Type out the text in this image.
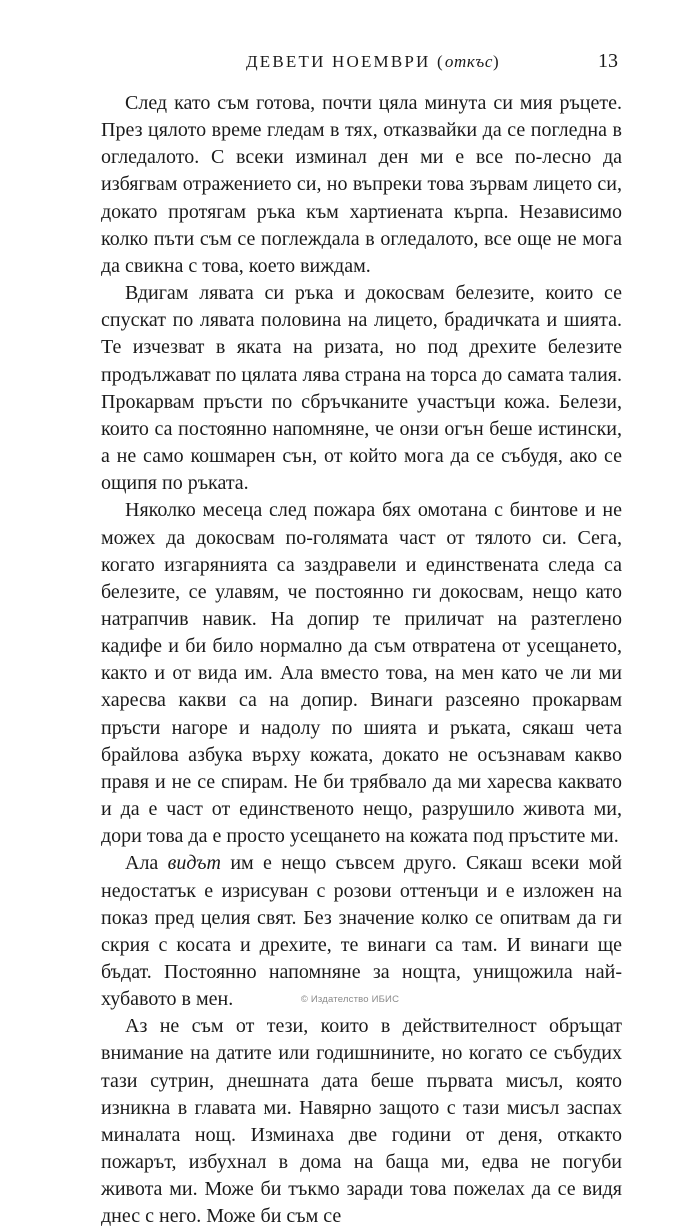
ДЕВЕТИ НОЕМВРИ (откъс)	13

След като съм готова, почти цяла минута си мия ръцете. През цялото време гледам в тях, отказвайки да се погледна в огледалото. С всеки изминал ден ми е все по-лесно да избягвам отражението си, но въпреки това зървам лицето си, докато протягам ръка към хартиената кърпа. Независимо колко пъти съм се поглеждала в огледалото, все още не мога да свикна с това, което виждам.

Вдигам лявата си ръка и докосвам белезите, които се спускат по лявата половина на лицето, брадичката и шията. Те изчезват в яката на ризата, но под дрехите белезите продължават по цялата лява страна на торса до самата талия. Прокарвам пръсти по сбръчканите участъци кожа. Белези, които са постоянно напомняне, че онзи огън беше истински, а не само кошмарен сън, от който мога да се събудя, ако се ощипя по ръката.

Няколко месеца след пожара бях омотана с бинтове и не можех да докосвам по-голямата част от тялото си. Сега, когато изгарянията са заздравели и единствената следа са белезите, се улавям, че постоянно ги докосвам, нещо като натрапчив навик. На допир те приличат на разтеглено кадифе и би било нормално да съм отвратена от усещането, както и от вида им. Ала вместо това, на мен като че ли ми харесва какви са на допир. Винаги разсеяно прокарвам пръсти нагоре и надолу по шията и ръката, сякаш чета брайлова азбука върху кожата, докато не осъзнавам какво правя и не се спирам. Не би трябвало да ми харесва каквато и да е част от единственото нещо, разрушило живота ми, дори това да е просто усещането на кожата под пръстите ми.

Ала видът им е нещо съвсем друго. Сякаш всеки мой недостатък е изрисуван с розови оттенъци и е изложен на показ пред целия свят. Без значение колко се опитвам да ги скрия с косата и дрехите, те винаги са там. И винаги ще бъдат. Постоянно напомняне за нощта, унищожила най-хубавото в мен.

Аз не съм от тези, които в действителност обръщат внимание на датите или годишнините, но когато се събудих тази сутрин, днешната дата беше първата мисъл, която изникна в главата ми. Навярно защото с тази мисъл заспах миналата нощ. Изминаха две години от деня, откакто пожарът, избухнал в дома на баща ми, едва не погуби живота ми. Може би тъкмо заради това пожелах да се видя днес с него. Може би съм се

© Издателство ИБИС
